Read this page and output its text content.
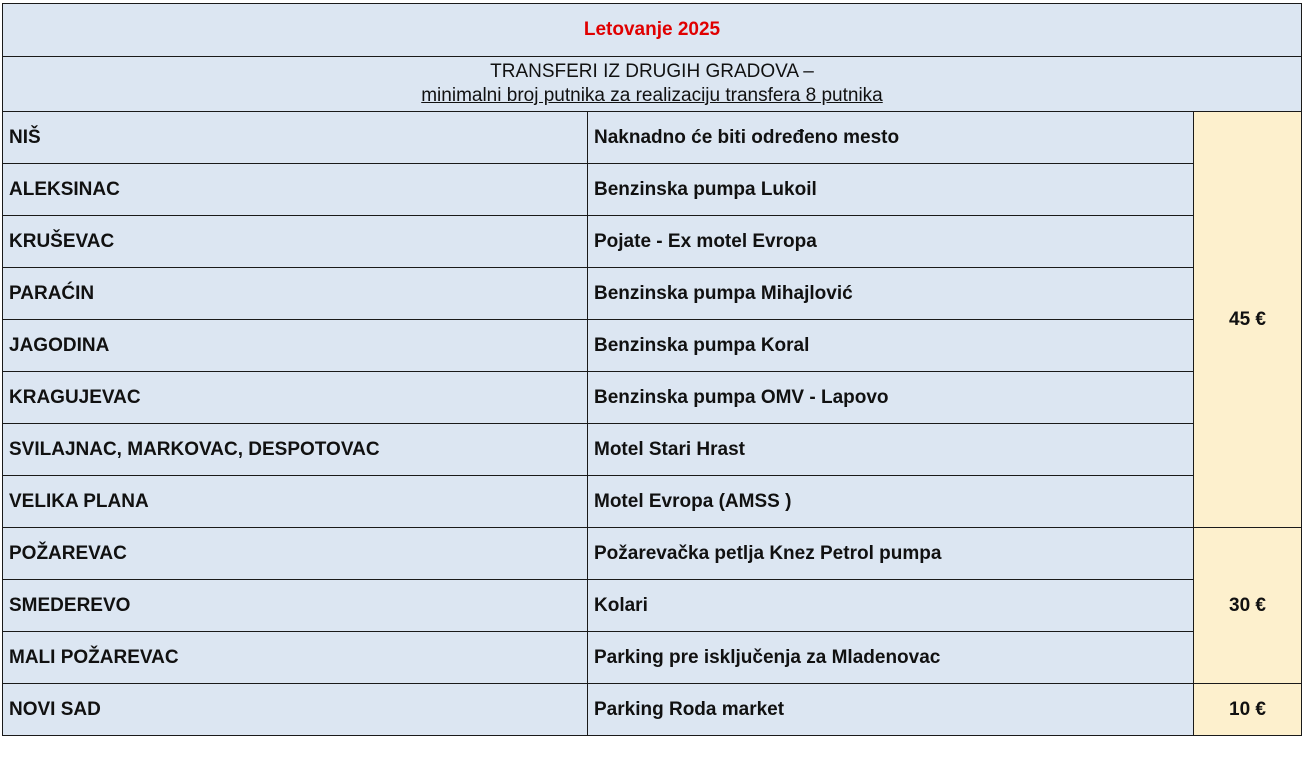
Letovanje 2025		

TRANSFERI IZ DRUGIH GRADOVA –
minimalni broj putnika za realizaciju transfera 8 putnika		

NIŠ	Naknadno će biti određeno mesto	45 €
ALEKSINAC	Benzinska pumpa Lukoil	
KRUŠEVAC	Pojate - Ex motel Evropa	
PARAĆIN	Benzinska pumpa Mihajlović	
JAGODINA	Benzinska pumpa Koral	
KRAGUJEVAC	Benzinska pumpa OMV - Lapovo	
SVILAJNAC, MARKOVAC, DESPOTOVAC	Motel Stari Hrast	
VELIKA PLANA	Motel Evropa (AMSS )	
POŽAREVAC	Požarevačka petlja Knez Petrol pumpa	30 €
SMEDEREVO	Kolari	
MALI POŽAREVAC	Parking pre isključenja za Mladenovac	
NOVI SAD	Parking Roda market	10 €
